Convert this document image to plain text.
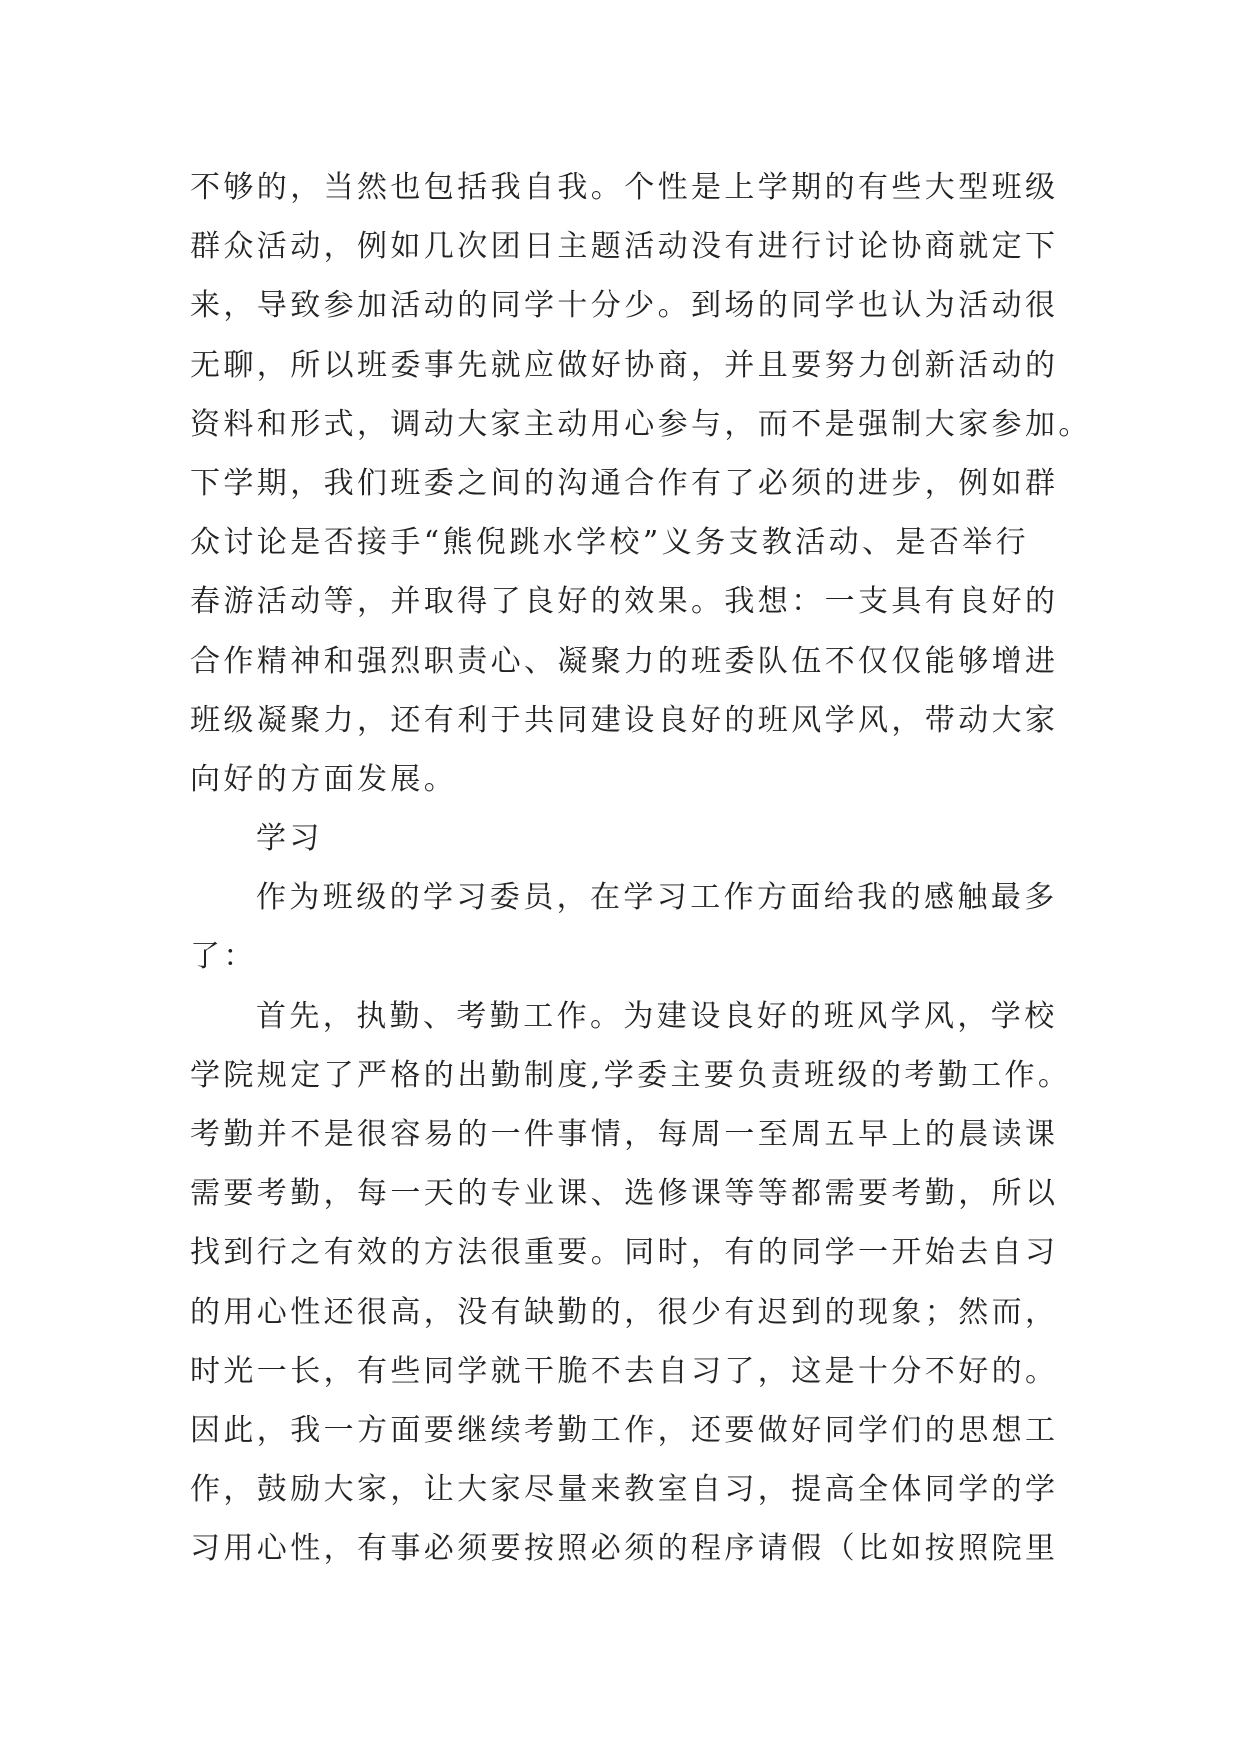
不够的，当然也包括我自我。个性是上学期的有些大型班级
群众活动，例如几次团日主题活动没有进行讨论协商就定下
来，导致参加活动的同学十分少。到场的同学也认为活动很
无聊，所以班委事先就应做好协商，并且要努力创新活动的
资料和形式，调动大家主动用心参与，而不是强制大家参加。
下学期，我们班委之间的沟通合作有了必须的进步，例如群
众讨论是否接手“熊倪跳水学校”义务支教活动、是否举行
春游活动等，并取得了良好的效果。我想：一支具有良好的
合作精神和强烈职责心、凝聚力的班委队伍不仅仅能够增进
班级凝聚力，还有利于共同建设良好的班风学风，带动大家
向好的方面发展。
学习
作为班级的学习委员，在学习工作方面给我的感触最多
了：
首先，执勤、考勤工作。为建设良好的班风学风，学校
学院规定了严格的出勤制度,学委主要负责班级的考勤工作。
考勤并不是很容易的一件事情，每周一至周五早上的晨读课
需要考勤，每一天的专业课、选修课等等都需要考勤，所以
找到行之有效的方法很重要。同时，有的同学一开始去自习
的用心性还很高，没有缺勤的，很少有迟到的现象；然而，
时光一长，有些同学就干脆不去自习了，这是十分不好的。
因此，我一方面要继续考勤工作，还要做好同学们的思想工
作，鼓励大家，让大家尽量来教室自习，提高全体同学的学
习用心性，有事必须要按照必须的程序请假（比如按照院里
